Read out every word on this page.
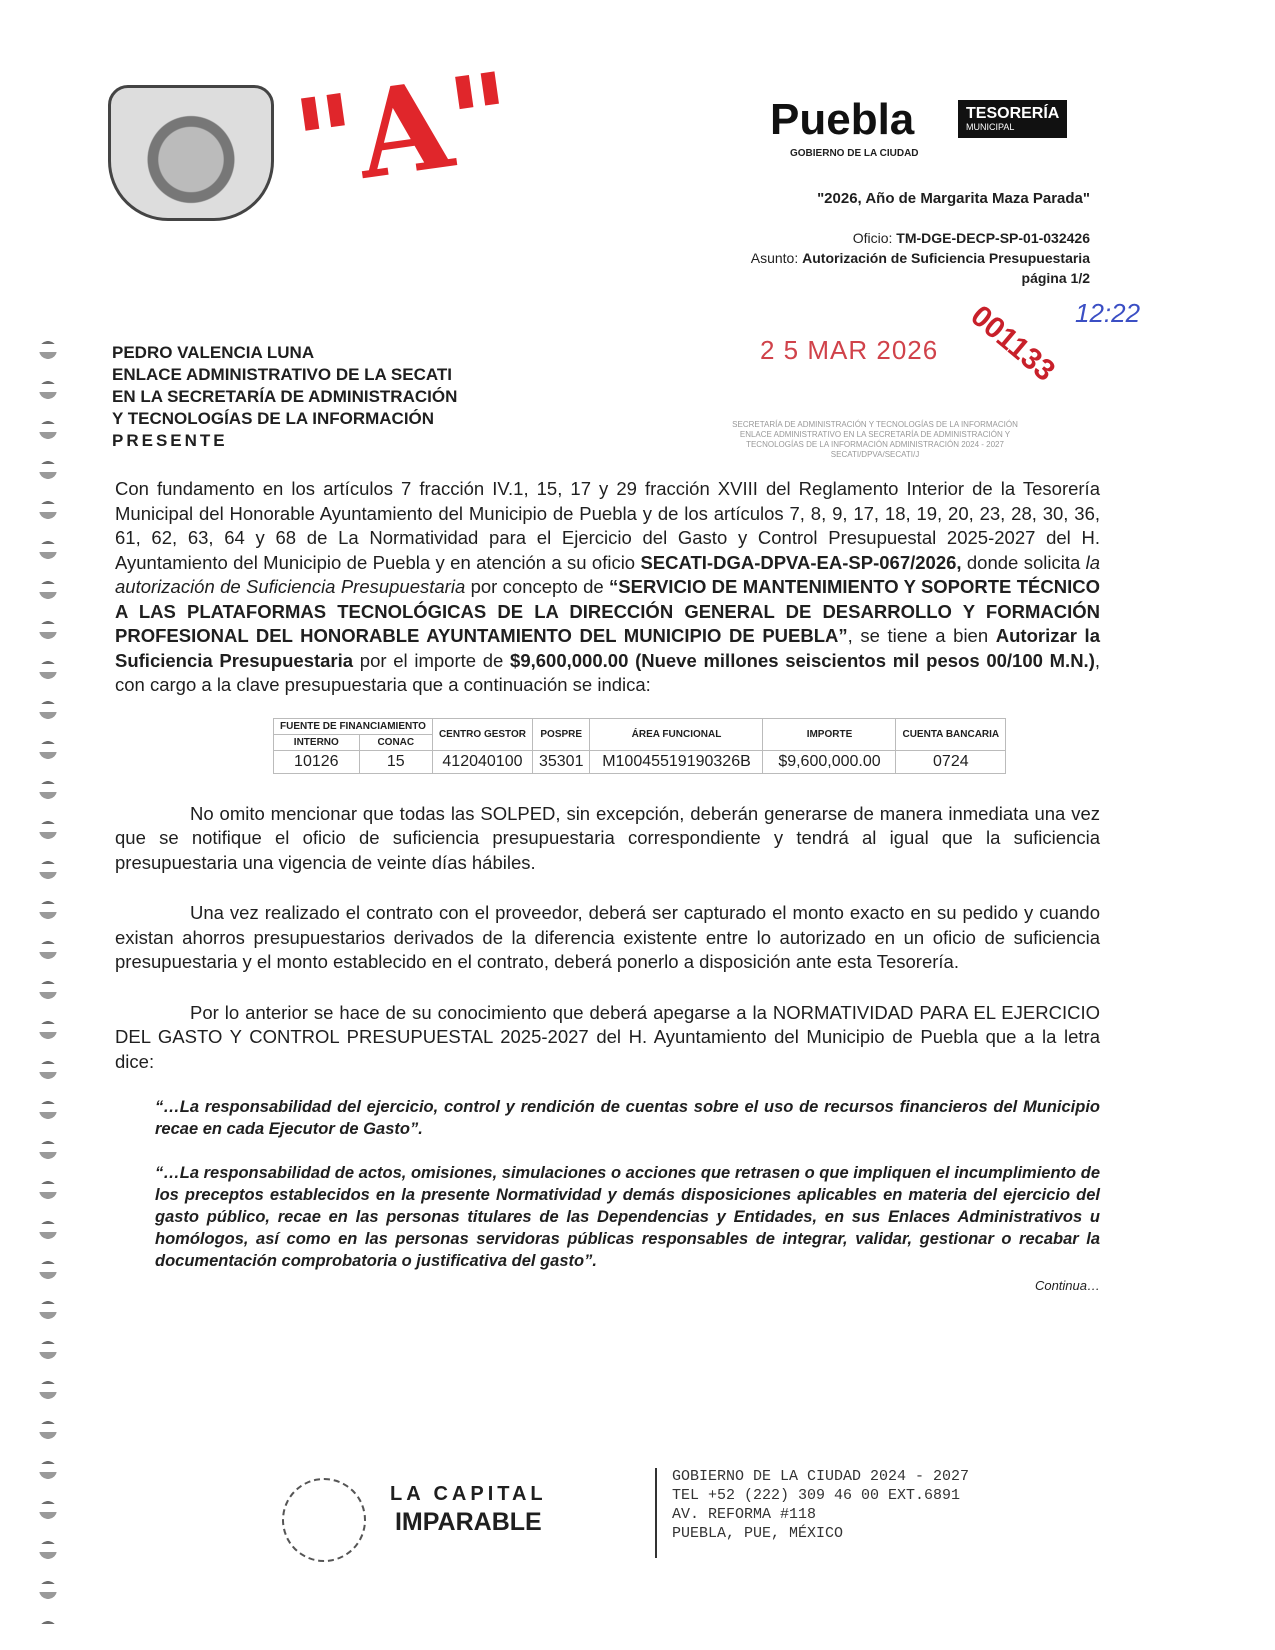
"A"	Puebla
GOBIERNO DE LA CIUDAD
TESORERÍA
MUNICIPAL
"2026, Año de Margarita Maza Parada"
Oficio: TM-DGE-DECP-SP-01-032426
Asunto: Autorización de Suficiencia Presupuestaria
página 1/2
2 5 MAR 2026 001133 12:22
SECRETARÍA DE ADMINISTRACIÓN Y TECNOLOGÍAS DE LA INFORMACIÓN ENLACE ADMINISTRATIVO EN LA SECRETARÍA DE ADMINISTRACIÓN Y TECNOLOGÍAS DE LA INFORMACIÓN ADMINISTRACIÓN 2024 - 2027 SECATI/DPVA/SECATI/J
PEDRO VALENCIA LUNA
ENLACE ADMINISTRATIVO DE LA SECATI
EN LA SECRETARÍA DE ADMINISTRACIÓN
Y TECNOLOGÍAS DE LA INFORMACIÓN
PRESENTE

Con fundamento en los artículos 7 fracción IV.1, 15, 17 y 29 fracción XVIII del Reglamento Interior de la Tesorería Municipal del Honorable Ayuntamiento del Municipio de Puebla y de los artículos 7, 8, 9, 17, 18, 19, 20, 23, 28, 30, 36, 61, 62, 63, 64 y 68 de La Normatividad para el Ejercicio del Gasto y Control Presupuestal 2025-2027 del H. Ayuntamiento del Municipio de Puebla y en atención a su oficio SECATI-DGA-DPVA-EA-SP-067/2026, donde solicita la autorización de Suficiencia Presupuestaria por concepto de “SERVICIO DE MANTENIMIENTO Y SOPORTE TÉCNICO A LAS PLATAFORMAS TECNOLÓGICAS DE LA DIRECCIÓN GENERAL DE DESARROLLO Y FORMACIÓN PROFESIONAL DEL HONORABLE AYUNTAMIENTO DEL MUNICIPIO DE PUEBLA”, se tiene a bien Autorizar la Suficiencia Presupuestaria por el importe de $9,600,000.00 (Nueve millones seiscientos mil pesos 00/100 M.N.), con cargo a la clave presupuestaria que a continuación se indica:

FUENTE DE FINANCIAMIENTO		CENTRO GESTOR	POSPRE	ÁREA FUNCIONAL	IMPORTE	CUENTA BANCARIA
INTERNO	CONAC					
10126	15	412040100	35301	M10045519190326B	$9,600,000.00	0724

No omito mencionar que todas las SOLPED, sin excepción, deberán generarse de manera inmediata una vez que se notifique el oficio de suficiencia presupuestaria correspondiente y tendrá al igual que la suficiencia presupuestaria una vigencia de veinte días hábiles.

Una vez realizado el contrato con el proveedor, deberá ser capturado el monto exacto en su pedido y cuando existan ahorros presupuestarios derivados de la diferencia existente entre lo autorizado en un oficio de suficiencia presupuestaria y el monto establecido en el contrato, deberá ponerlo a disposición ante esta Tesorería.

Por lo anterior se hace de su conocimiento que deberá apegarse a la NORMATIVIDAD PARA EL EJERCICIO DEL GASTO Y CONTROL PRESUPUESTAL 2025-2027 del H. Ayuntamiento del Municipio de Puebla que a la letra dice:

“…La responsabilidad del ejercicio, control y rendición de cuentas sobre el uso de recursos financieros del Municipio recae en cada Ejecutor de Gasto”.
“…La responsabilidad de actos, omisiones, simulaciones o acciones que retrasen o que impliquen el incumplimiento de los preceptos establecidos en la presente Normatividad y demás disposiciones aplicables en materia del ejercicio del gasto público, recae en las personas titulares de las Dependencias y Entidades, en sus Enlaces Administrativos u homólogos, así como en las personas servidoras públicas responsables de integrar, validar, gestionar o recabar la documentación comprobatoria o justificativa del gasto”.
Continua…
LA CAPITAL
IMPARABLE
GOBIERNO DE LA CIUDAD 2024 - 2027
TEL +52 (222) 309 46 00 EXT.6891
AV. REFORMA #118
PUEBLA, PUE, MÉXICO
